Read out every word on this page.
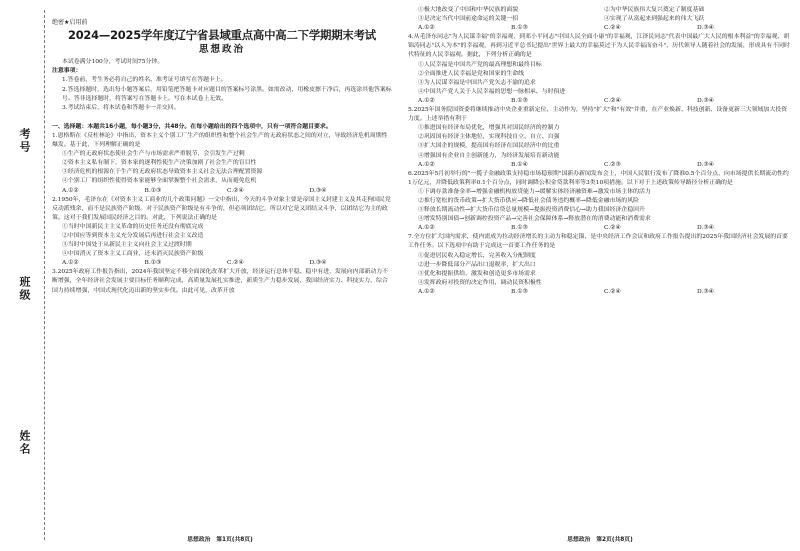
考号
班级
姓名
绝密★启用前
2024—2025学年度辽宁省县域重点高中高二下学期期末考试
思想政治

本试卷满分100分，考试时间75分钟。

注意事项：

1.答卷前，考生务必将自己的姓名、准考证号填写在答题卡上。

2.答选择题时，选出每小题答案后，用铅笔把答题卡对应题目的答案标号涂黑。如需改动，用橡皮擦干净后，再选涂其他答案标号。答非选择题时，将答案写在答题卡上。写在本试卷上无效。

3.考试结束后，将本试卷和答题卡一并交回。

一、选择题：本题共16小题，每小题3分，共48分。在每小题给出的四个选项中，只有一项符合题目要求。

1.恩格斯在《反杜林论》中指出，资本主义个别工厂生产的组织性和整个社会生产的无政府状态之间的对立，导致经济危机周期性爆发。基于此，下列理解正确的是

①生产的无政府状态使社会生产与市场需求严重脱节，会引发生产过剩

②资本主义私有制下，资本家的逐利性使生产决策加剧了社会生产的盲目性

③经济危机的根源在于生产的无政府状态导致资本主义社会无法合理配置资源

④个别工厂的组织性使得资本家能够全面掌握整个社会需求，从而避免危机

A.①②	B.①③	C.②④	D.③④

2.1950年，毛泽东在《对资本主义工商业的几个政策问题》一文中指出，今天的斗争对象主要是帝国主义封建主义及其走狗国民党反动派残余，而不是民族资产阶级。对于民族资产阶级是有斗争的，但必须团结它，所以对它是又团结又斗争，以团结它为主的政策。这对于我们发展国民经济之目的。对此，下列说法正确的是

①当时中国新民主主义革命的历史任务还没有彻底完成

②中国应等到资本主义充分发展后再进行社会主义改造

③当时中国处于从新民主主义向社会主义过渡时期

④中国消灭了资本主义工商业，还未消灭民族资产阶级

A.①②	B.①③	C.②④	D.③④

3.2025年政府工作报告指出，2024年我国坚定不移全面深化改革扩大开放，经济运行总体平稳、稳中有进，发展向内部新动力不断增强，全年经济社会发展主要目标任务顺利完成，高质量发展扎实推进，新质生产力稳步发展，我国经济实力、科技实力、综合国力持续增强，中国式现代化迈出新的坚实步伐。由此可见，改革开放

思想政治　第1页(共8页)
①极大地改变了中国和中华民族的面貌	②为中华民族伟大复兴奠定了制度基础
③是决定当代中国前途命运的关键一招	④实现了从富起来到强起来的伟大飞跃
A.①②	B.①③	C.②④	D.③④

4.从毛泽东同志"为人民谋幸福"的幸福观，到邓小平同志"中国人民全面小康"的幸福观，江泽民同志"代表中国最广大人民的根本利益"的幸福观、胡锦涛同志"以人为本"的幸福观，再到习近平总书记提出"世界上最大的幸福莫过于为人民幸福而奋斗"，历代领导人随着社会的发展，形成具有不同时代特征的人民幸福观。据此，下列分析正确的是

①人民幸福是中国共产党的最高理想和最终目标

②全面推进人民幸福是党和国家的生命线

③为人民谋幸福是中国共产党矢志不渝的追求

④中国共产党人关于人民幸福的思想一脉相承、与时俱进

A.①②	B.①③	C.②④	D.③④

5.2025年国务院国资委将继续推动中央企业重新定位，主动作为，坚持"扩大"和"有效"并重，在产业焕新、科技创新、设备更新三大领域加大投资力度。上述举措有利于

①推进国有经济布局优化，增强其对国民经济的控制力

②巩固国有经济主体地位，实现科技自立、自立、自强

③扩大国企的规模，提高国有经济在国民经济中的比重

④增强国有企业自主创新能力，为经济发展培育新动能

A.①②	B.①④	C.②③	D.③④

6.2025年5月初举行的"一揽子金融政策支持稳市场稳预期"国新办新闻发布会上，中国人民银行发布了降准0.5个百分点，向市场提供长期流动性约1万亿元，并降低政策利率0.1个百分点，同时调降公积金贷款利率等3类10项措施。以下对于上述政策传导路径分析正确的是

①下调存款准备金率→增强金融机构放贷能力→缓解实体经济融资难→激发市场主体的活力

②推行宽松的货币政策→扩大货币供应→降低社会债务违约概率→降低金融市场的风险

③释放长期流动性→扩大货币信贷总量规模→提振投资消费信心→助力我国经济企稳回升

④增发特别国债→创新调控投资产品→完善社会保障体系→释放潜在的消费动能和消费需求

A.①②	B.①③	C.②④	D.③④

7.全方位扩大国内需求，使内需成为拉动经济增长的主动力和稳定锚，是中央经济工作会议和政府工作报告提出的2025年我国经济社会发展的首要工作任务。以下选项中有助于完成这一首要工作任务的是

①促进居民收入稳定增长，完善收入分配制度

②进一步降低部分产品出口退税率，扩大出口

③优化和提振供给，激发和创造更多市场需求

④发挥政府对投资的决定作用，调动民资积极性

A.①②	B.①③	C.②④	D.③④
思想政治　第2页(共8页)
